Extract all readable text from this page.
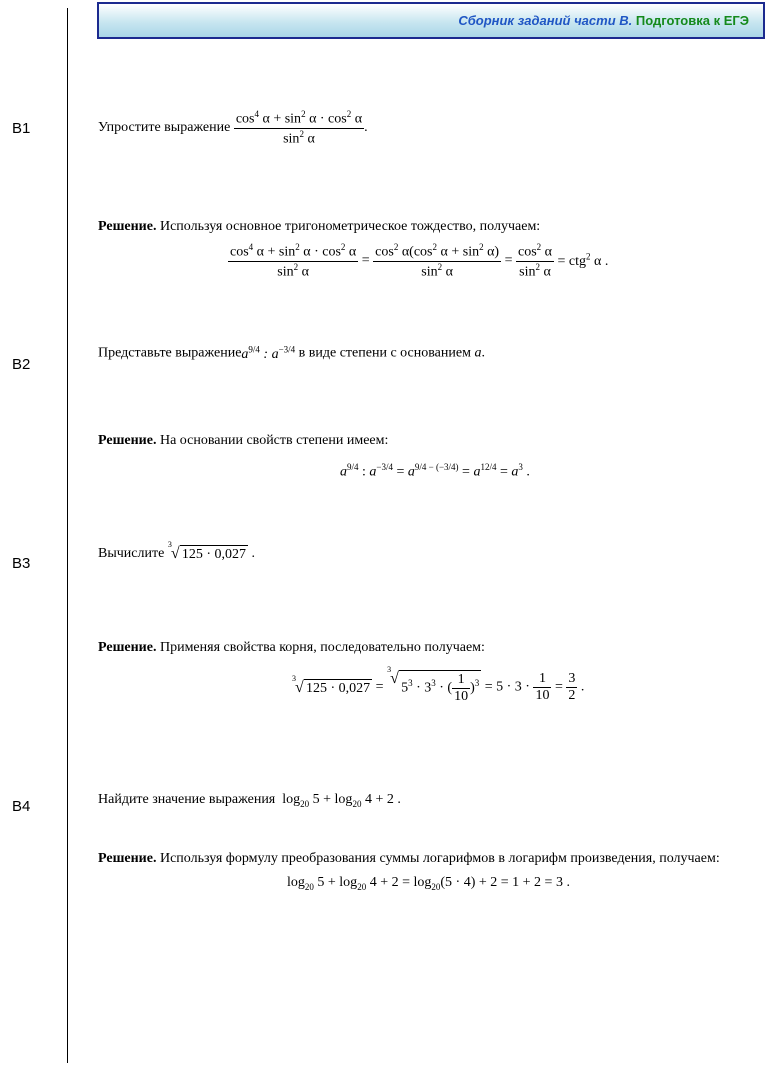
Сборник заданий части В. Подготовка к ЕГЭ
В1	Упростите выражение $\frac{\cos^4 \alpha + \sin^2 \alpha \cdot \cos^2 \alpha}{\sin^2 \alpha}$ .
Решение. Используя основное тригонометрическое тождество, получаем:
$\frac{\cos^4 \alpha + \sin^2 \alpha \cdot \cos^2 \alpha}{\sin^2 \alpha} = \frac{\cos^2 \alpha(\cos^2 \alpha + \sin^2 \alpha)}{\sin^2 \alpha} = \frac{\cos^2 \alpha}{\sin^2 \alpha} = ctg^2$ α .
В2
Представьте выражениеa$^{9/4}$ : $a^{-3/4}$ в виде степени с основанием a.
Решение. На основании свойств степени имеем:
$a^{9/4}$ : $a^{-3/4} = a^{9/4 - (-3/4)} = a^{12/4} = a^3$ .
В3
Вычислите
3
√ 125 · 0,027 .
Решение. Применяя свойства корня, последовательно получаем:
3
√ 125 · 0,027 =
3
√
$5^3 \cdot 3^3$ · ( $\frac{1}{10} )^3 = 5 \cdot 3 \cdot \frac{1}{10} = \frac{3}{2}$ .
В4	Найдите значение выражения  $\log_{20} 5 + \log_{20} 4 + 2$ .
Решение. Используя формулу преобразования суммы логарифмов в логарифм произведения, получаем:
$\log_{20} 5 + \log_{20} 4 + 2 = \log_{20}(5 \cdot 4) + 2 = 1 + 2 = 3$ .
